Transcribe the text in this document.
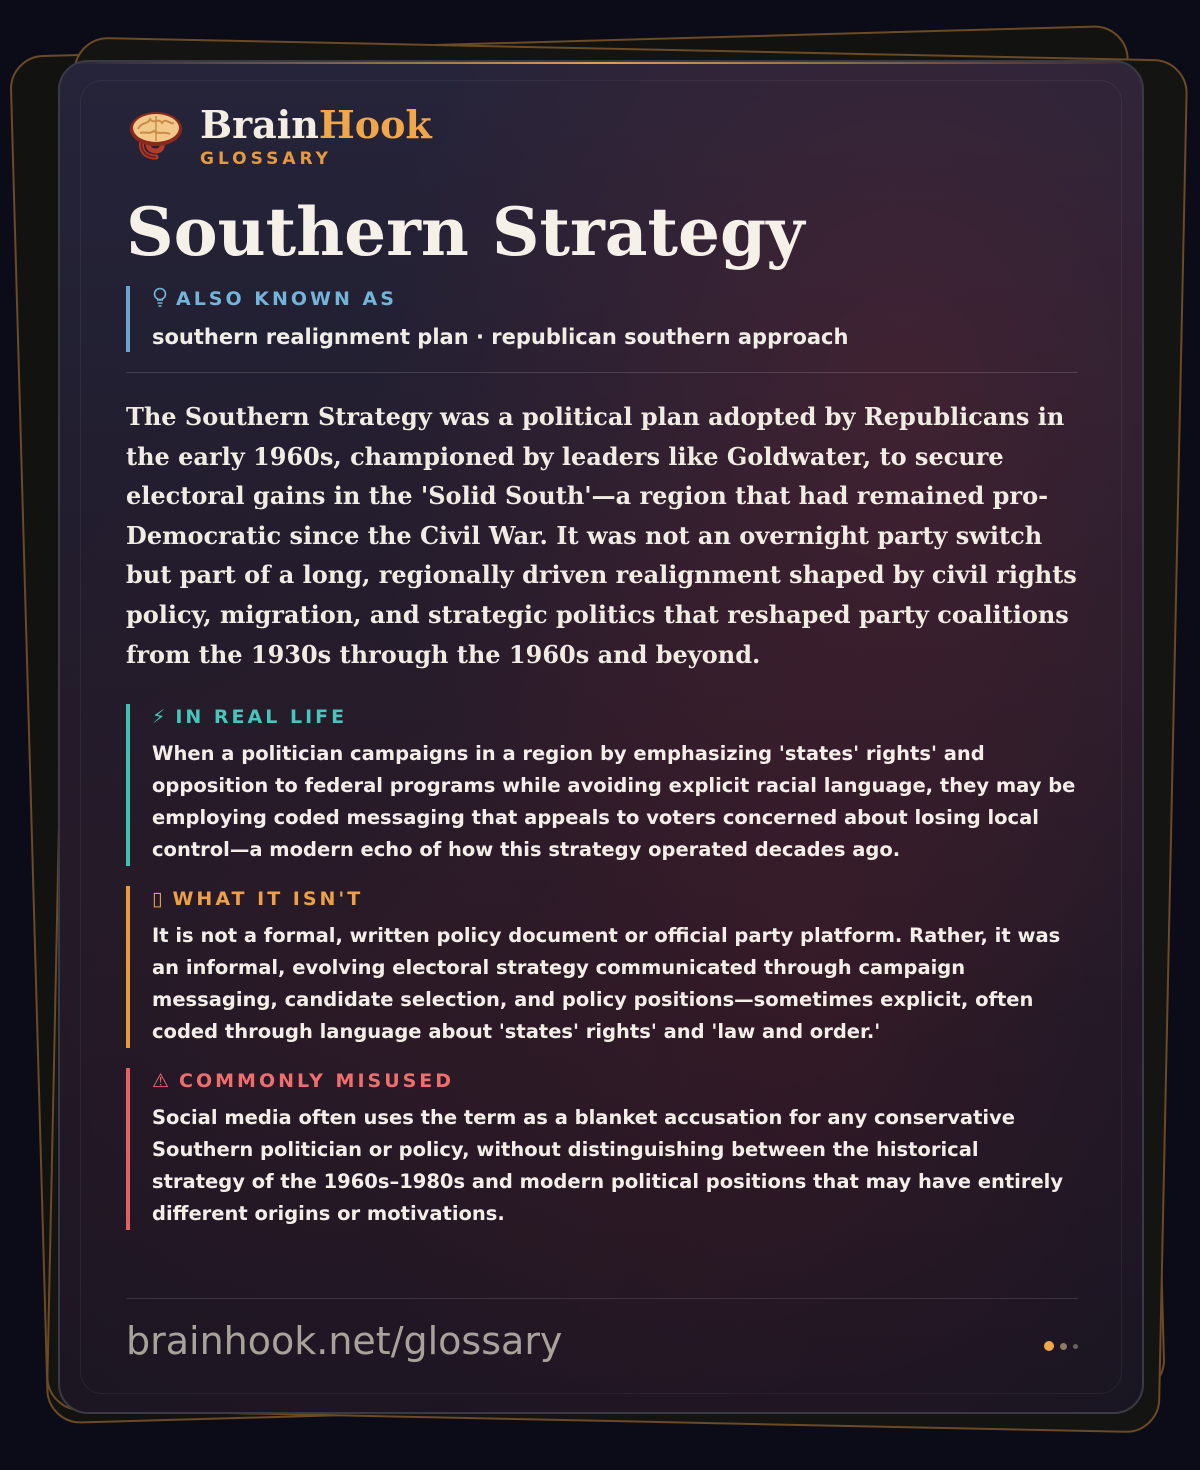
BrainHook
GLOSSARY
Southern Strategy
ALSO KNOWN AS
southern realignment plan · republican southern approach
The Southern Strategy was a political plan adopted by Republicans in the early 1960s, championed by leaders like Goldwater, to secure electoral gains in the 'Solid South'—a region that had remained pro-Democratic since the Civil War. It was not an overnight party switch but part of a long, regionally driven realignment shaped by civil rights policy, migration, and strategic politics that reshaped party coalitions from the 1930s through the 1960s and beyond.
⚡ IN REAL LIFE
When a politician campaigns in a region by emphasizing 'states' rights' and opposition to federal programs while avoiding explicit racial language, they may be employing coded messaging that appeals to voters concerned about losing local control—a modern echo of how this strategy operated decades ago.
▯ WHAT IT ISN'T
It is not a formal, written policy document or official party platform. Rather, it was an informal, evolving electoral strategy communicated through campaign messaging, candidate selection, and policy positions—sometimes explicit, often coded through language about 'states' rights' and 'law and order.'
⚠ COMMONLY MISUSED
Social media often uses the term as a blanket accusation for any conservative Southern politician or policy, without distinguishing between the historical strategy of the 1960s–1980s and modern political positions that may have entirely different origins or motivations.
brainhook.net/glossary
